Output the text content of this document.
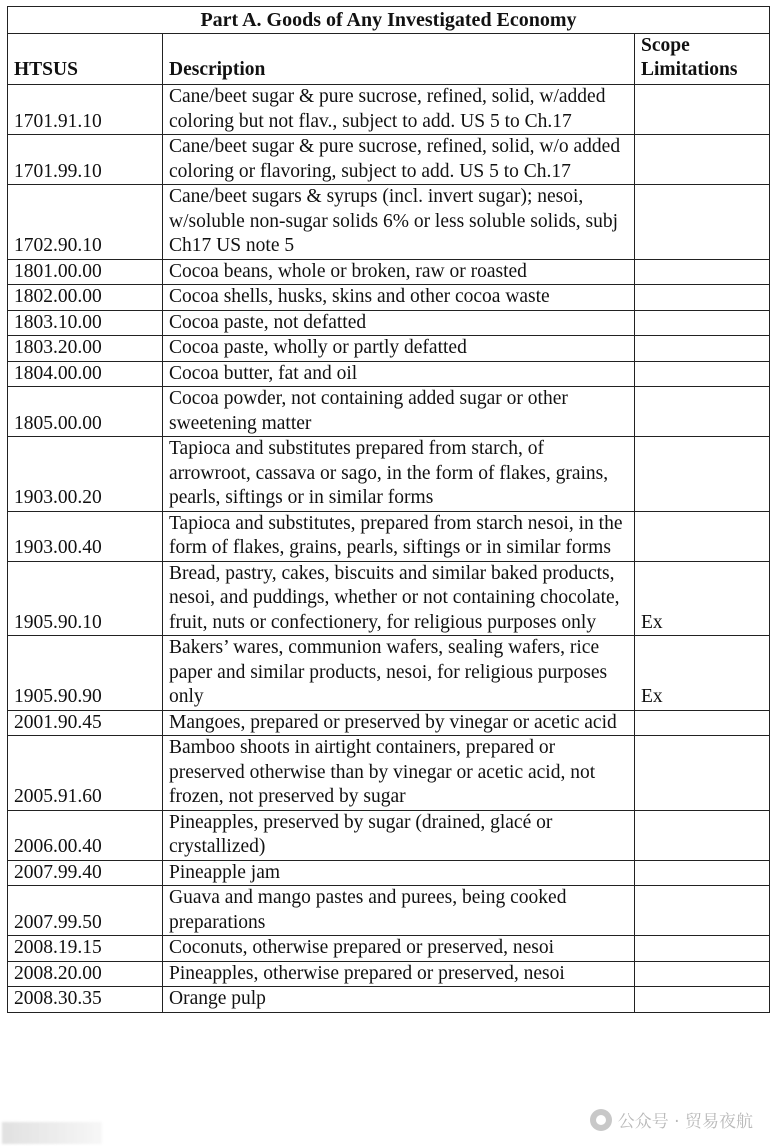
Part A. Goods of Any Investigated Economy		
HTSUS	Description	Scope Limitations
1701.91.10	Cane/beet sugar & pure sucrose, refined, solid, w/added coloring but not flav., subject to add. US 5 to Ch.17	
1701.99.10	Cane/beet sugar & pure sucrose, refined, solid, w/o added coloring or flavoring, subject to add. US 5 to Ch.17	
1702.90.10	Cane/beet sugars & syrups (incl. invert sugar); nesoi, w/soluble non-sugar solids 6% or less soluble solids, subj Ch17 US note 5	
1801.00.00	Cocoa beans, whole or broken, raw or roasted	
1802.00.00	Cocoa shells, husks, skins and other cocoa waste	
1803.10.00	Cocoa paste, not defatted	
1803.20.00	Cocoa paste, wholly or partly defatted	
1804.00.00	Cocoa butter, fat and oil	
1805.00.00	Cocoa powder, not containing added sugar or other sweetening matter	
1903.00.20	Tapioca and substitutes prepared from starch, of arrowroot, cassava or sago, in the form of flakes, grains, pearls, siftings or in similar forms	
1903.00.40	Tapioca and substitutes, prepared from starch nesoi, in the form of flakes, grains, pearls, siftings or in similar forms	
1905.90.10	Bread, pastry, cakes, biscuits and similar baked products, nesoi, and puddings, whether or not containing chocolate, fruit, nuts or confectionery, for religious purposes only	Ex
1905.90.90	Bakers’ wares, communion wafers, sealing wafers, rice paper and similar products, nesoi, for religious purposes only	Ex
2001.90.45	Mangoes, prepared or preserved by vinegar or acetic acid	
2005.91.60	Bamboo shoots in airtight containers, prepared or preserved otherwise than by vinegar or acetic acid, not frozen, not preserved by sugar	
2006.00.40	Pineapples, preserved by sugar (drained, glacé or crystallized)	
2007.99.40	Pineapple jam	
2007.99.50	Guava and mango pastes and purees, being cooked preparations	
2008.19.15	Coconuts, otherwise prepared or preserved, nesoi	
2008.20.00	Pineapples, otherwise prepared or preserved, nesoi	
2008.30.35	Orange pulp	
公众号 · 贸易夜航
